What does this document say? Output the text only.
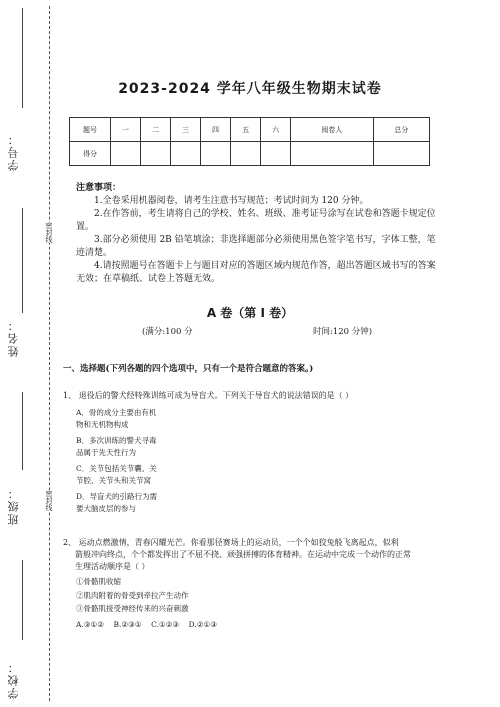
学号：
姓名：
班级：
学校：
密封线
密封线
2023-2024 学年八年级生物期末试卷
题号	一	二	三	四	五	六	阅卷人	总分
得分								
注意事项：

1.全卷采用机器阅卷，请考生注意书写规范；考试时间为 120 分钟。

2.在作答前，考生请将自己的学校、姓名、班级、准考证号涂写在试卷和答题卡规定位置。

3.部分必须使用 2B 铅笔填涂；非选择题部分必须使用黑色签字笔书写，字体工整，笔迹清楚。

4.请按照题号在答题卡上与题目对应的答题区域内规范作答，超出答题区域书写的答案无效；在草稿纸、试卷上答题无效。

A 卷（第 I 卷）
(满分:100 分	时间:120 分钟)
一、选择题(下列各题的四个选项中，只有一个是符合题意的答案。)
1、 退役后的警犬经特殊训练可成为导盲犬。下列关于导盲犬的说法错误的是（ ）
A．骨的成分主要由有机
物和无机物构成
B．多次训练的警犬寻毒
品属于先天性行为
C．关节包括关节囊、关
节腔、关节头和关节窝
D．导盲犬的引路行为需
要大脑皮层的参与
2、 运动点燃激情，青春闪耀光芒。你看那径赛场上的运动员，一个个如狡兔般飞离起点，似利
箭般冲向终点，个个都发挥出了不屈不挠、顽强拼搏的体育精神。在运动中完成一个动作的正常
生理活动顺序是（ ）
①骨骼肌收缩
②肌肉附着的骨受到牵拉产生动作
③骨骼肌接受神经传来的兴奋刺激
A.③①②    B.②③①    C.①②③    D.②①③
